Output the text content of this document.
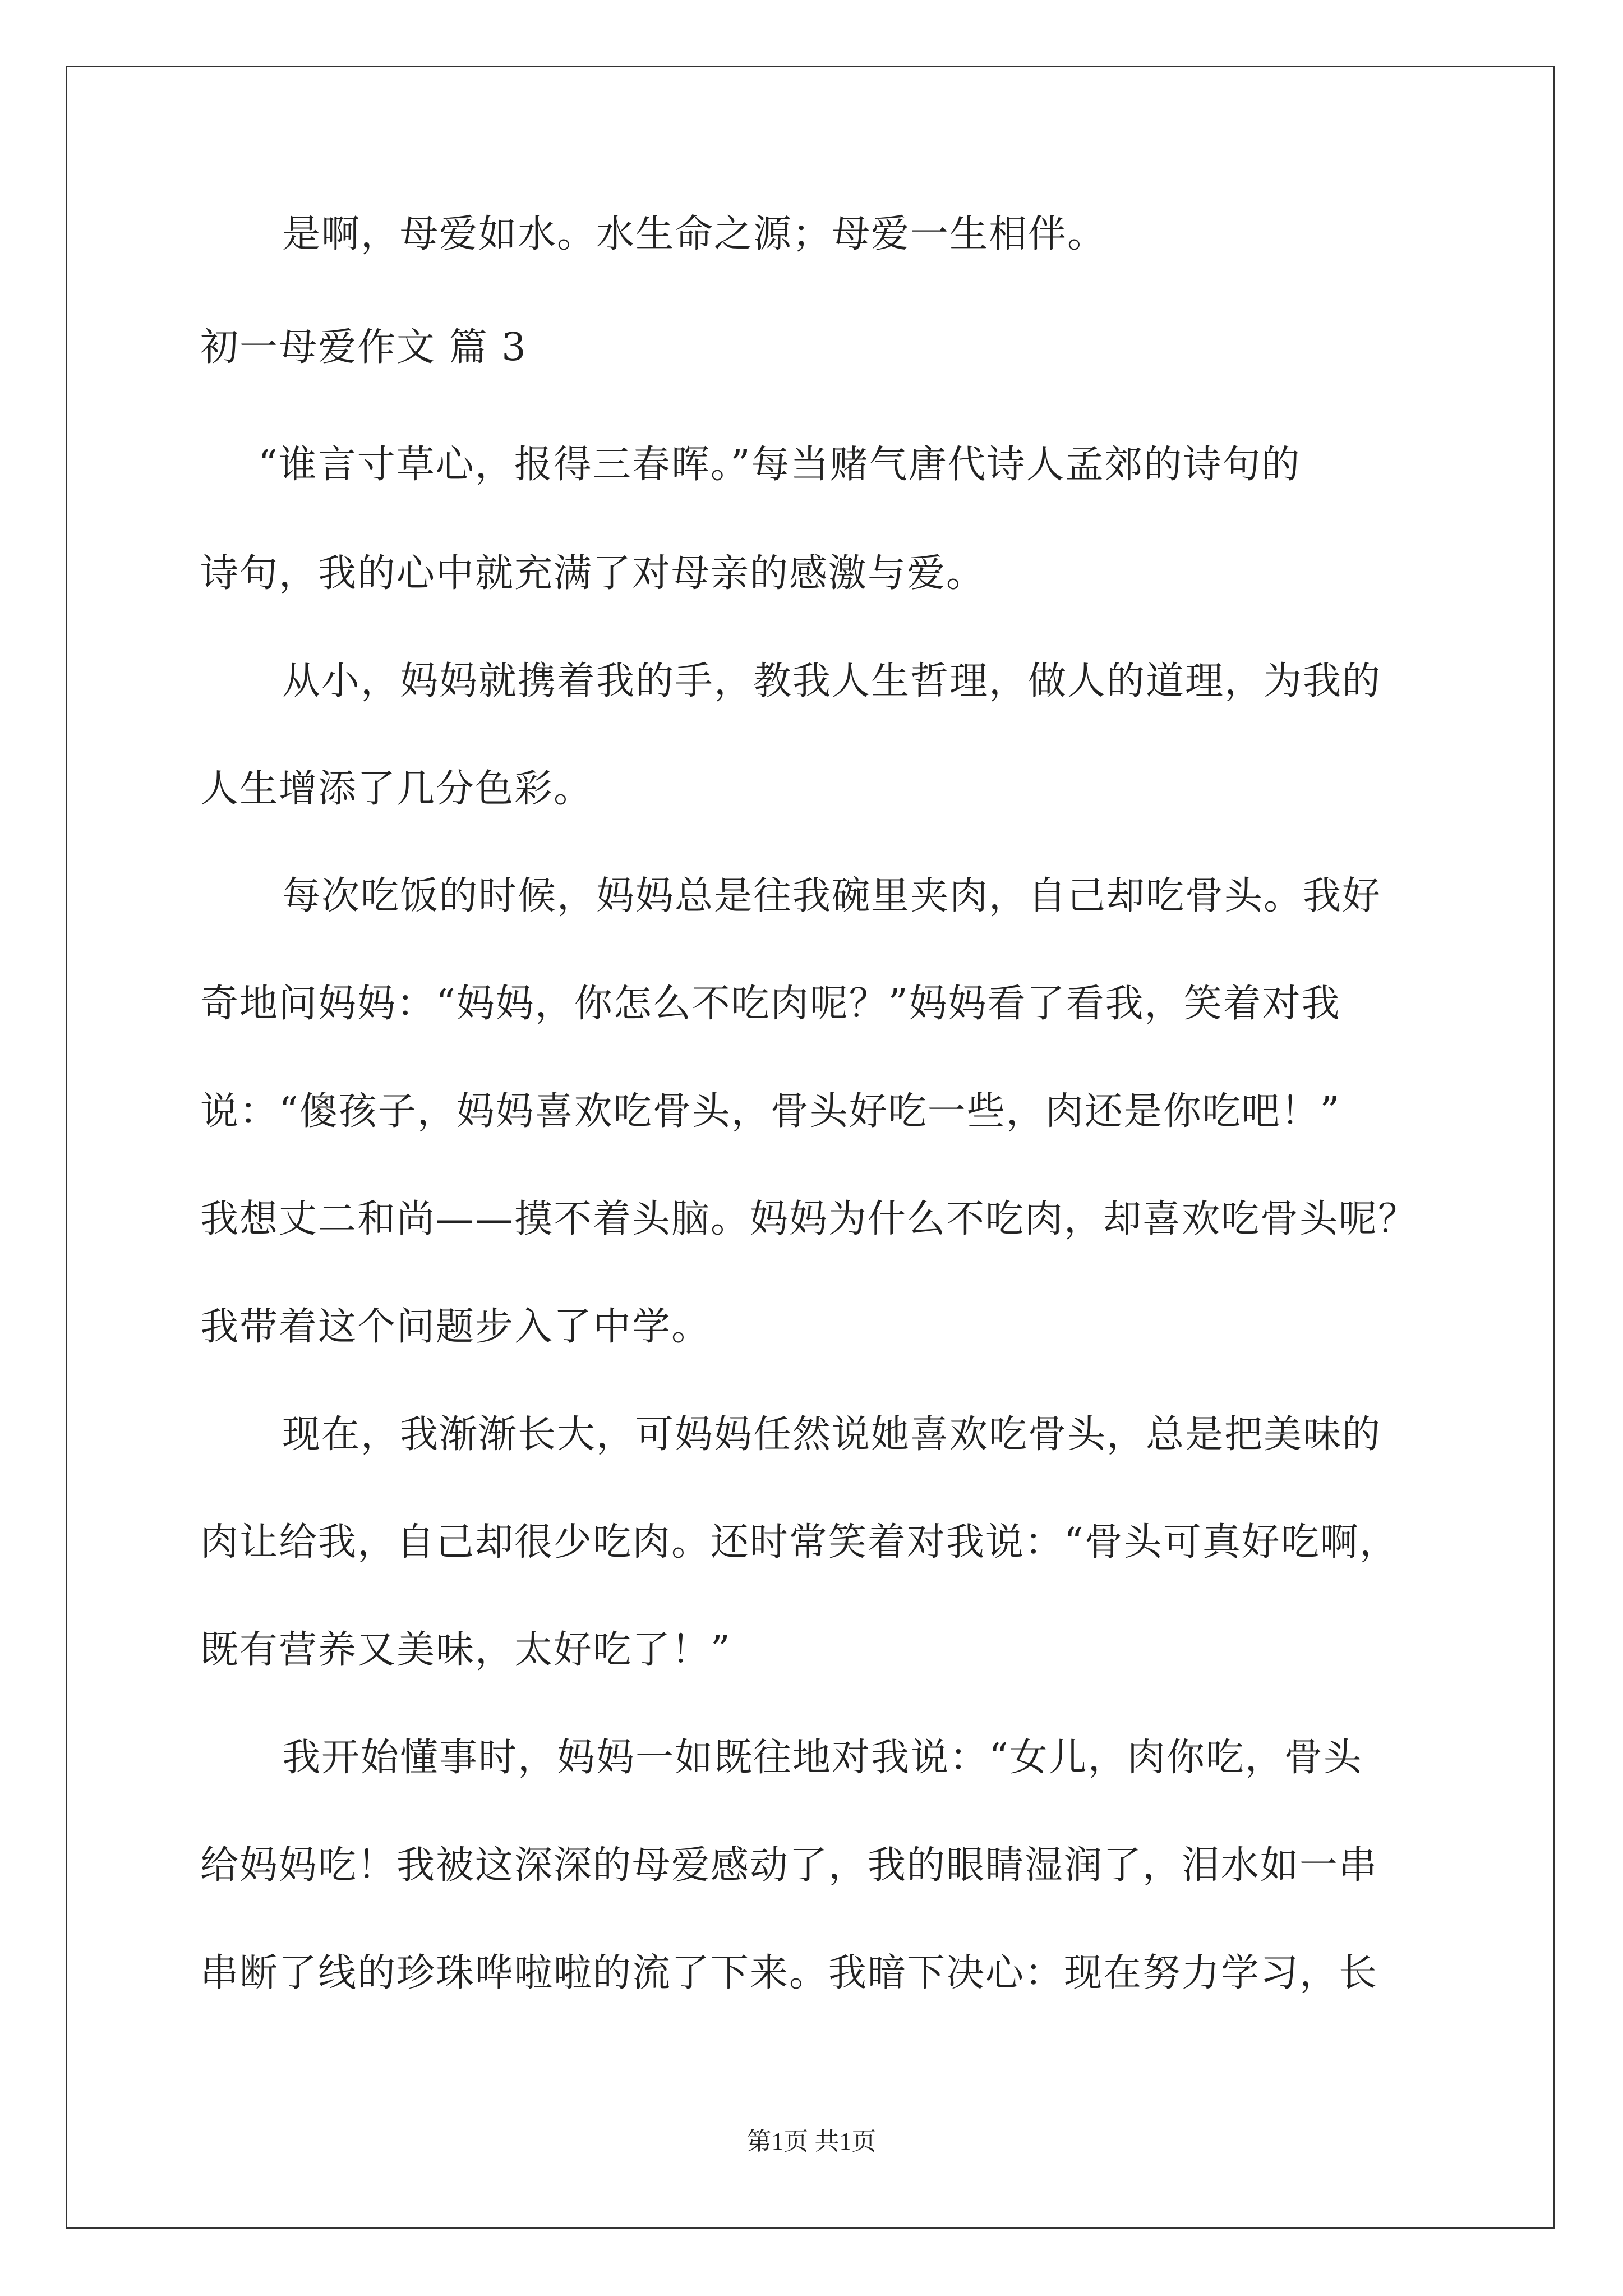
是啊，母爱如水。水生命之源；母爱一生相伴。
初一母爱作文 篇 3
“谁言寸草心，报得三春晖。”每当赌气唐代诗人孟郊的诗句的
诗句，我的心中就充满了对母亲的感激与爱。
从小，妈妈就携着我的手，教我人生哲理，做人的道理，为我的
人生增添了几分色彩。
每次吃饭的时候，妈妈总是往我碗里夹肉，自己却吃骨头。我好
奇地问妈妈：“妈妈，你怎么不吃肉呢？”妈妈看了看我，笑着对我
说：“傻孩子，妈妈喜欢吃骨头，骨头好吃一些，肉还是你吃吧！”
我想丈二和尚——摸不着头脑。妈妈为什么不吃肉，却喜欢吃骨头呢？
我带着这个问题步入了中学。
现在，我渐渐长大，可妈妈任然说她喜欢吃骨头，总是把美味的
肉让给我，自己却很少吃肉。还时常笑着对我说：“骨头可真好吃啊，
既有营养又美味，太好吃了！”
我开始懂事时，妈妈一如既往地对我说：“女儿，肉你吃，骨头
给妈妈吃！我被这深深的母爱感动了，我的眼睛湿润了，泪水如一串
串断了线的珍珠哗啦啦的流了下来。我暗下决心：现在努力学习，长
第1页 共1页
